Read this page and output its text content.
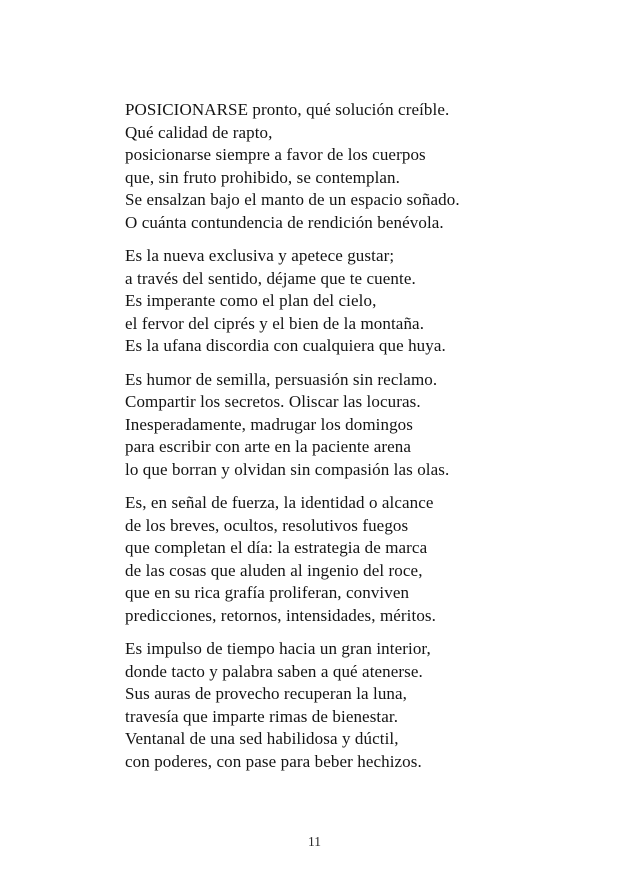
POSICIONARSE pronto, qué solución creíble.
Qué calidad de rapto,
posicionarse siempre a favor de los cuerpos
que, sin fruto prohibido, se contemplan.
Se ensalzan bajo el manto de un espacio soñado.
O cuánta contundencia de rendición benévola.
Es la nueva exclusiva y apetece gustar;
a través del sentido, déjame que te cuente.
Es imperante como el plan del cielo,
el fervor del ciprés y el bien de la montaña.
Es la ufana discordia con cualquiera que huya.
Es humor de semilla, persuasión sin reclamo.
Compartir los secretos. Oliscar las locuras.
Inesperadamente, madrugar los domingos
para escribir con arte en la paciente arena
lo que borran y olvidan sin compasión las olas.
Es, en señal de fuerza, la identidad o alcance
de los breves, ocultos, resolutivos fuegos
que completan el día: la estrategia de marca
de las cosas que aluden al ingenio del roce,
que en su rica grafía proliferan, conviven
predicciones, retornos, intensidades, méritos.
Es impulso de tiempo hacia un gran interior,
donde tacto y palabra saben a qué atenerse.
Sus auras de provecho recuperan la luna,
travesía que imparte rimas de bienestar.
Ventanal de una sed habilidosa y dúctil,
con poderes, con pase para beber hechizos.
11
